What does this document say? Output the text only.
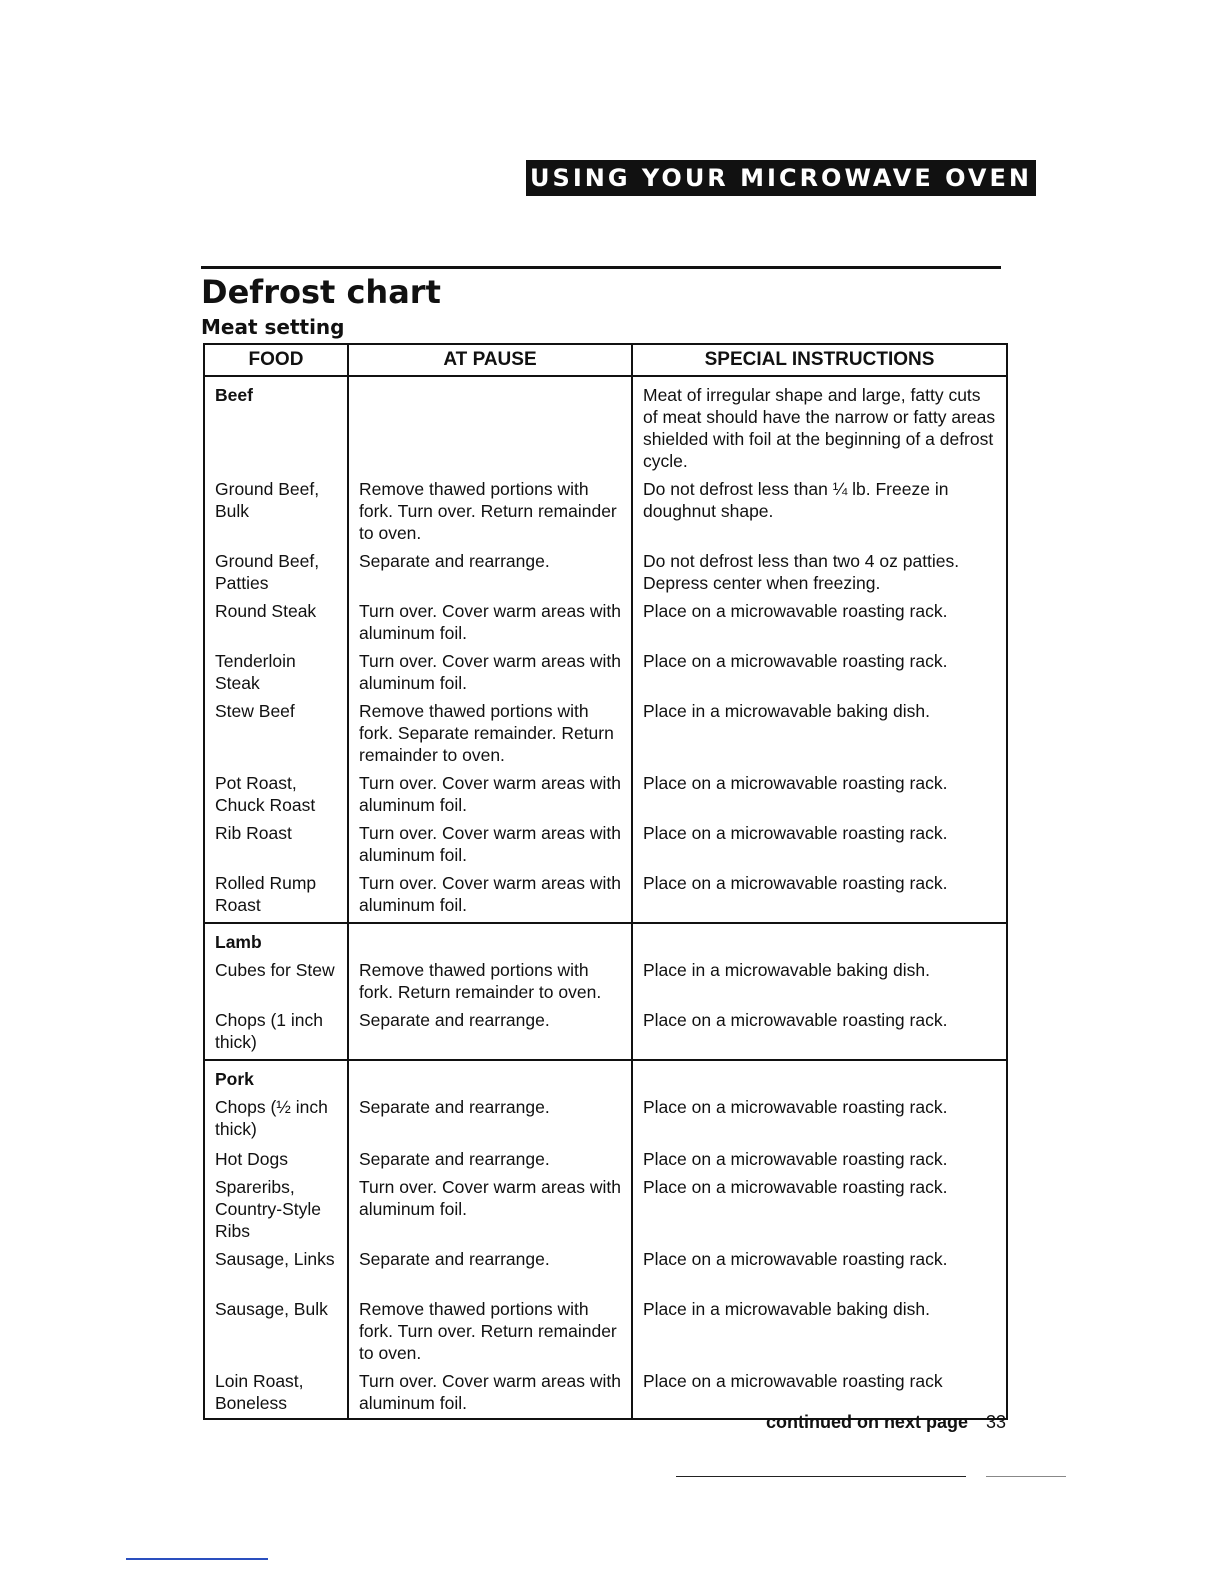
USING YOUR MICROWAVE OVEN
Defrost chart
Meat setting
FOOD	AT PAUSE	SPECIAL INSTRUCTIONS
Beef		Meat of irregular shape and large, fatty cuts of meat should have the narrow or fatty areas shielded with foil at the beginning of a defrost cycle.
Ground Beef, Bulk	Remove thawed portions with fork. Turn over. Return remainder to oven.	Do not defrost less than ¼ lb. Freeze in doughnut shape.
Ground Beef, Patties	Separate and rearrange.	Do not defrost less than two 4 oz patties. Depress center when freezing.
Round Steak	Turn over. Cover warm areas with aluminum foil.	Place on a microwavable roasting rack.
Tenderloin Steak	Turn over. Cover warm areas with aluminum foil.	Place on a microwavable roasting rack.
Stew Beef	Remove thawed portions with fork. Separate remainder. Return remainder to oven.	Place in a microwavable baking dish.
Pot Roast, Chuck Roast	Turn over. Cover warm areas with aluminum foil.	Place on a microwavable roasting rack.
Rib Roast	Turn over. Cover warm areas with aluminum foil.	Place on a microwavable roasting rack.
Rolled Rump Roast	Turn over. Cover warm areas with aluminum foil.	Place on a microwavable roasting rack.
Lamb		
Cubes for Stew	Remove thawed portions with fork. Return remainder to oven.	Place in a microwavable baking dish.
Chops (1 inch thick)	Separate and rearrange.	Place on a microwavable roasting rack.
Pork		
Chops (½ inch thick)	Separate and rearrange.	Place on a microwavable roasting rack.
Hot Dogs	Separate and rearrange.	Place on a microwavable roasting rack.
Spareribs, Country-Style Ribs	Turn over. Cover warm areas with aluminum foil.	Place on a microwavable roasting rack.
Sausage, Links	Separate and rearrange.	Place on a microwavable roasting rack.
Sausage, Bulk	Remove thawed portions with fork. Turn over. Return remainder to oven.	Place in a microwavable baking dish.
Loin Roast, Boneless	Turn over. Cover warm areas with aluminum foil.	Place on a microwavable roasting rack
continued on next page 33
